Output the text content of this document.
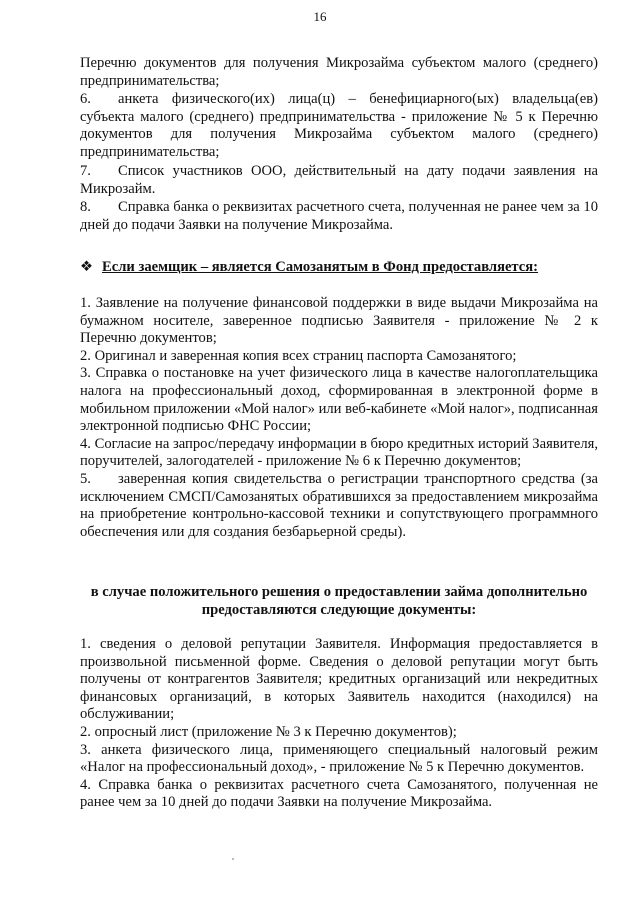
16
Перечню документов для получения Микрозайма субъектом малого (среднего) предпринимательства;
6. анкета физического(их) лица(ц) – бенефициарного(ых) владельца(ев) субъекта малого (среднего) предпринимательства - приложение № 5 к Перечню документов для получения Микрозайма субъектом малого (среднего) предпринимательства;
7. Список участников ООО, действительный на дату подачи заявления на Микрозайм.
8. Справка банка о реквизитах расчетного счета, полученная не ранее чем за 10 дней до подачи Заявки на получение Микрозайма.
❖ Если заемщик – является Самозанятым в Фонд предоставляется:
1. Заявление на получение финансовой поддержки в виде выдачи Микрозайма на бумажном носителе, заверенное подписью Заявителя - приложение № 2 к Перечню документов;
2. Оригинал и заверенная копия всех страниц паспорта Самозанятого;
3. Справка о постановке на учет физического лица в качестве налогоплательщика налога на профессиональный доход, сформированная в электронной форме в мобильном приложении «Мой налог» или веб-кабинете «Мой налог», подписанная электронной подписью ФНС России;
4. Согласие на запрос/передачу информации в бюро кредитных историй Заявителя, поручителей, залогодателей - приложение № 6 к Перечню документов;
5. заверенная копия свидетельства о регистрации транспортного средства (за исключением СМСП/Самозанятых обратившихся за предоставлением микрозайма на приобретение контрольно-кассовой техники и сопутствующего программного обеспечения или для создания безбарьерной среды).
в случае положительного решения о предоставлении займа дополнительно предоставляются следующие документы:
1. сведения о деловой репутации Заявителя. Информация предоставляется в произвольной письменной форме. Сведения о деловой репутации могут быть получены от контрагентов Заявителя; кредитных организаций или некредитных финансовых организаций, в которых Заявитель находится (находился) на обслуживании;
2. опросный лист (приложение № 3 к Перечню документов);
3. анкета физического лица, применяющего специальный налоговый режим «Налог на профессиональный доход», - приложение № 5 к Перечню документов.
4. Справка банка о реквизитах расчетного счета Самозанятого, полученная не ранее чем за 10 дней до подачи Заявки на получение Микрозайма.
